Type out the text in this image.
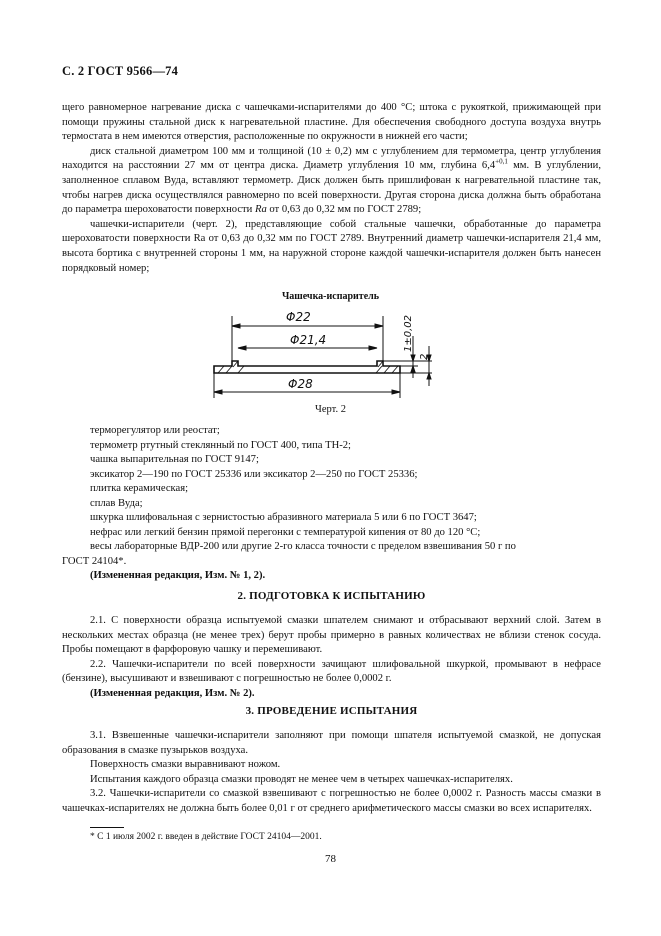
С. 2 ГОСТ 9566—74

щего равномерное нагревание диска с чашечками-испарителями до 400 °С; штока с рукояткой, прижимающей при помощи пружины стальной диск к нагревательной пластине. Для обеспечения свободного доступа воздуха внутрь термостата в нем имеются отверстия, расположенные по окружности в нижней его части;

диск стальной диаметром 100 мм и толщиной (10 ± 0,2) мм с углублением для термометра, центр углубления находится на расстоянии 27 мм от центра диска. Диаметр углубления 10 мм, глубина $6,4^{+0,1}$ мм. В углублении, заполненное сплавом Вуда, вставляют термометр. Диск должен быть пришлифован к нагревательной пластине так, чтобы нагрев диска осуществлялся равномерно по всей поверхности. Другая сторона диска должна быть обработана до параметра шероховатости поверхности Ra от 0,63 до 0,32 мм по ГОСТ 2789;

чашечки-испарители (черт. 2), представляющие собой стальные чашечки, обработанные до параметра шероховатости поверхности Ra от 0,63 до 0,32 мм по ГОСТ 2789. Внутренний диаметр чашечки-испарителя 21,4 мм, высота бортика с внутренней стороны 1 мм, на наружной стороне каждой чашечки-испарителя должен быть нанесен порядковый номер;

Чашечка-испаритель
Φ22
Φ21,4
Φ28
1±0,02
2
Черт. 2
терморегулятор или реостат;
термометр ртутный стеклянный по ГОСТ 400, типа ТН-2;
чашка выпарительная по ГОСТ 9147;
эксикатор 2—190 по ГОСТ 25336 или эксикатор 2—250 по ГОСТ 25336;
плитка керамическая;
сплав Вуда;
шкурка шлифовальная с зернистостью абразивного материала 5 или 6 по ГОСТ 3647;
нефрас или легкий бензин прямой перегонки с температурой кипения от 80 до 120 °С;
весы лабораторные ВДР-200 или другие 2-го класса точности с пределом взвешивания 50 г по
ГОСТ 24104*.
(Измененная редакция, Изм. № 1, 2).
2. ПОДГОТОВКА К ИСПЫТАНИЮ

2.1. С поверхности образца испытуемой смазки шпателем снимают и отбрасывают верхний слой. Затем в нескольких местах образца (не менее трех) берут пробы примерно в равных количествах не вблизи стенок сосуда. Пробы помещают в фарфоровую чашку и перемешивают.

2.2. Чашечки-испарители по всей поверхности зачищают шлифовальной шкуркой, промывают в нефрасе (бензине), высушивают и взвешивают с погрешностью не более 0,0002 г.

(Измененная редакция, Изм. № 2).

3. ПРОВЕДЕНИЕ ИСПЫТАНИЯ

3.1. Взвешенные чашечки-испарители заполняют при помощи шпателя испытуемой смазкой, не допуская образования в смазке пузырьков воздуха.

Поверхность смазки выравнивают ножом.

Испытания каждого образца смазки проводят не менее чем в четырех чашечках-испарителях.

3.2. Чашечки-испарители со смазкой взвешивают с погрешностью не более 0,0002 г. Разность массы смазки в чашечках-испарителях не должна быть более 0,01 г от среднего арифметического массы смазки во всех испарителях.

* С 1 июля 2002 г. введен в действие ГОСТ 24104—2001.
78
